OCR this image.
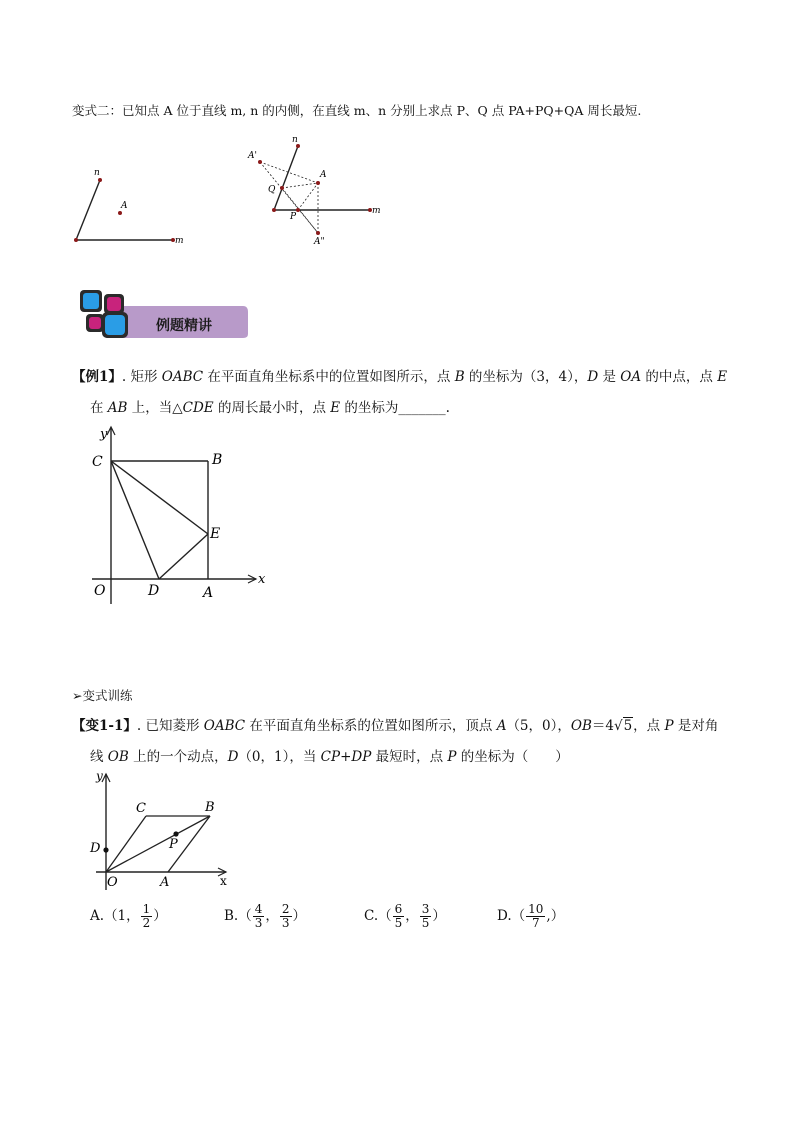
变式二：已知点 A 位于直线 m, n 的内侧，在直线 m、n 分别上求点 P、Q 点 PA+PQ+QA 周长最短.
n
A
m
n
A'
A
Q
P
m
A"
例题精讲
【例1】. 矩形 OABC 在平面直角坐标系中的位置如图所示，点 B 的坐标为（3，4），D 是 OA 的中点，点 E
在 AB 上，当△CDE 的周长最小时，点 E 的坐标为_______.
y
C	B
E
O	D	A
x
➢变式训练
【变1-1】. 已知菱形 OABC 在平面直角坐标系的位置如图所示，顶点 A（5，0），OB＝4√5，点 P 是对角
线 OB 上的一个动点，D（0，1），当 CP+DP 最短时，点 P 的坐标为（　　）
y
C	B
D	P
O	A	x
A.（1， $\frac{1}{2}$ ）	$B.( \frac{4}{3}$ ， $\frac{2}{3}$ ）	$C.( \frac{6}{5}$ ， $\frac{3}{5}$ ）	$D.( \frac{10}{7}$ ,）
